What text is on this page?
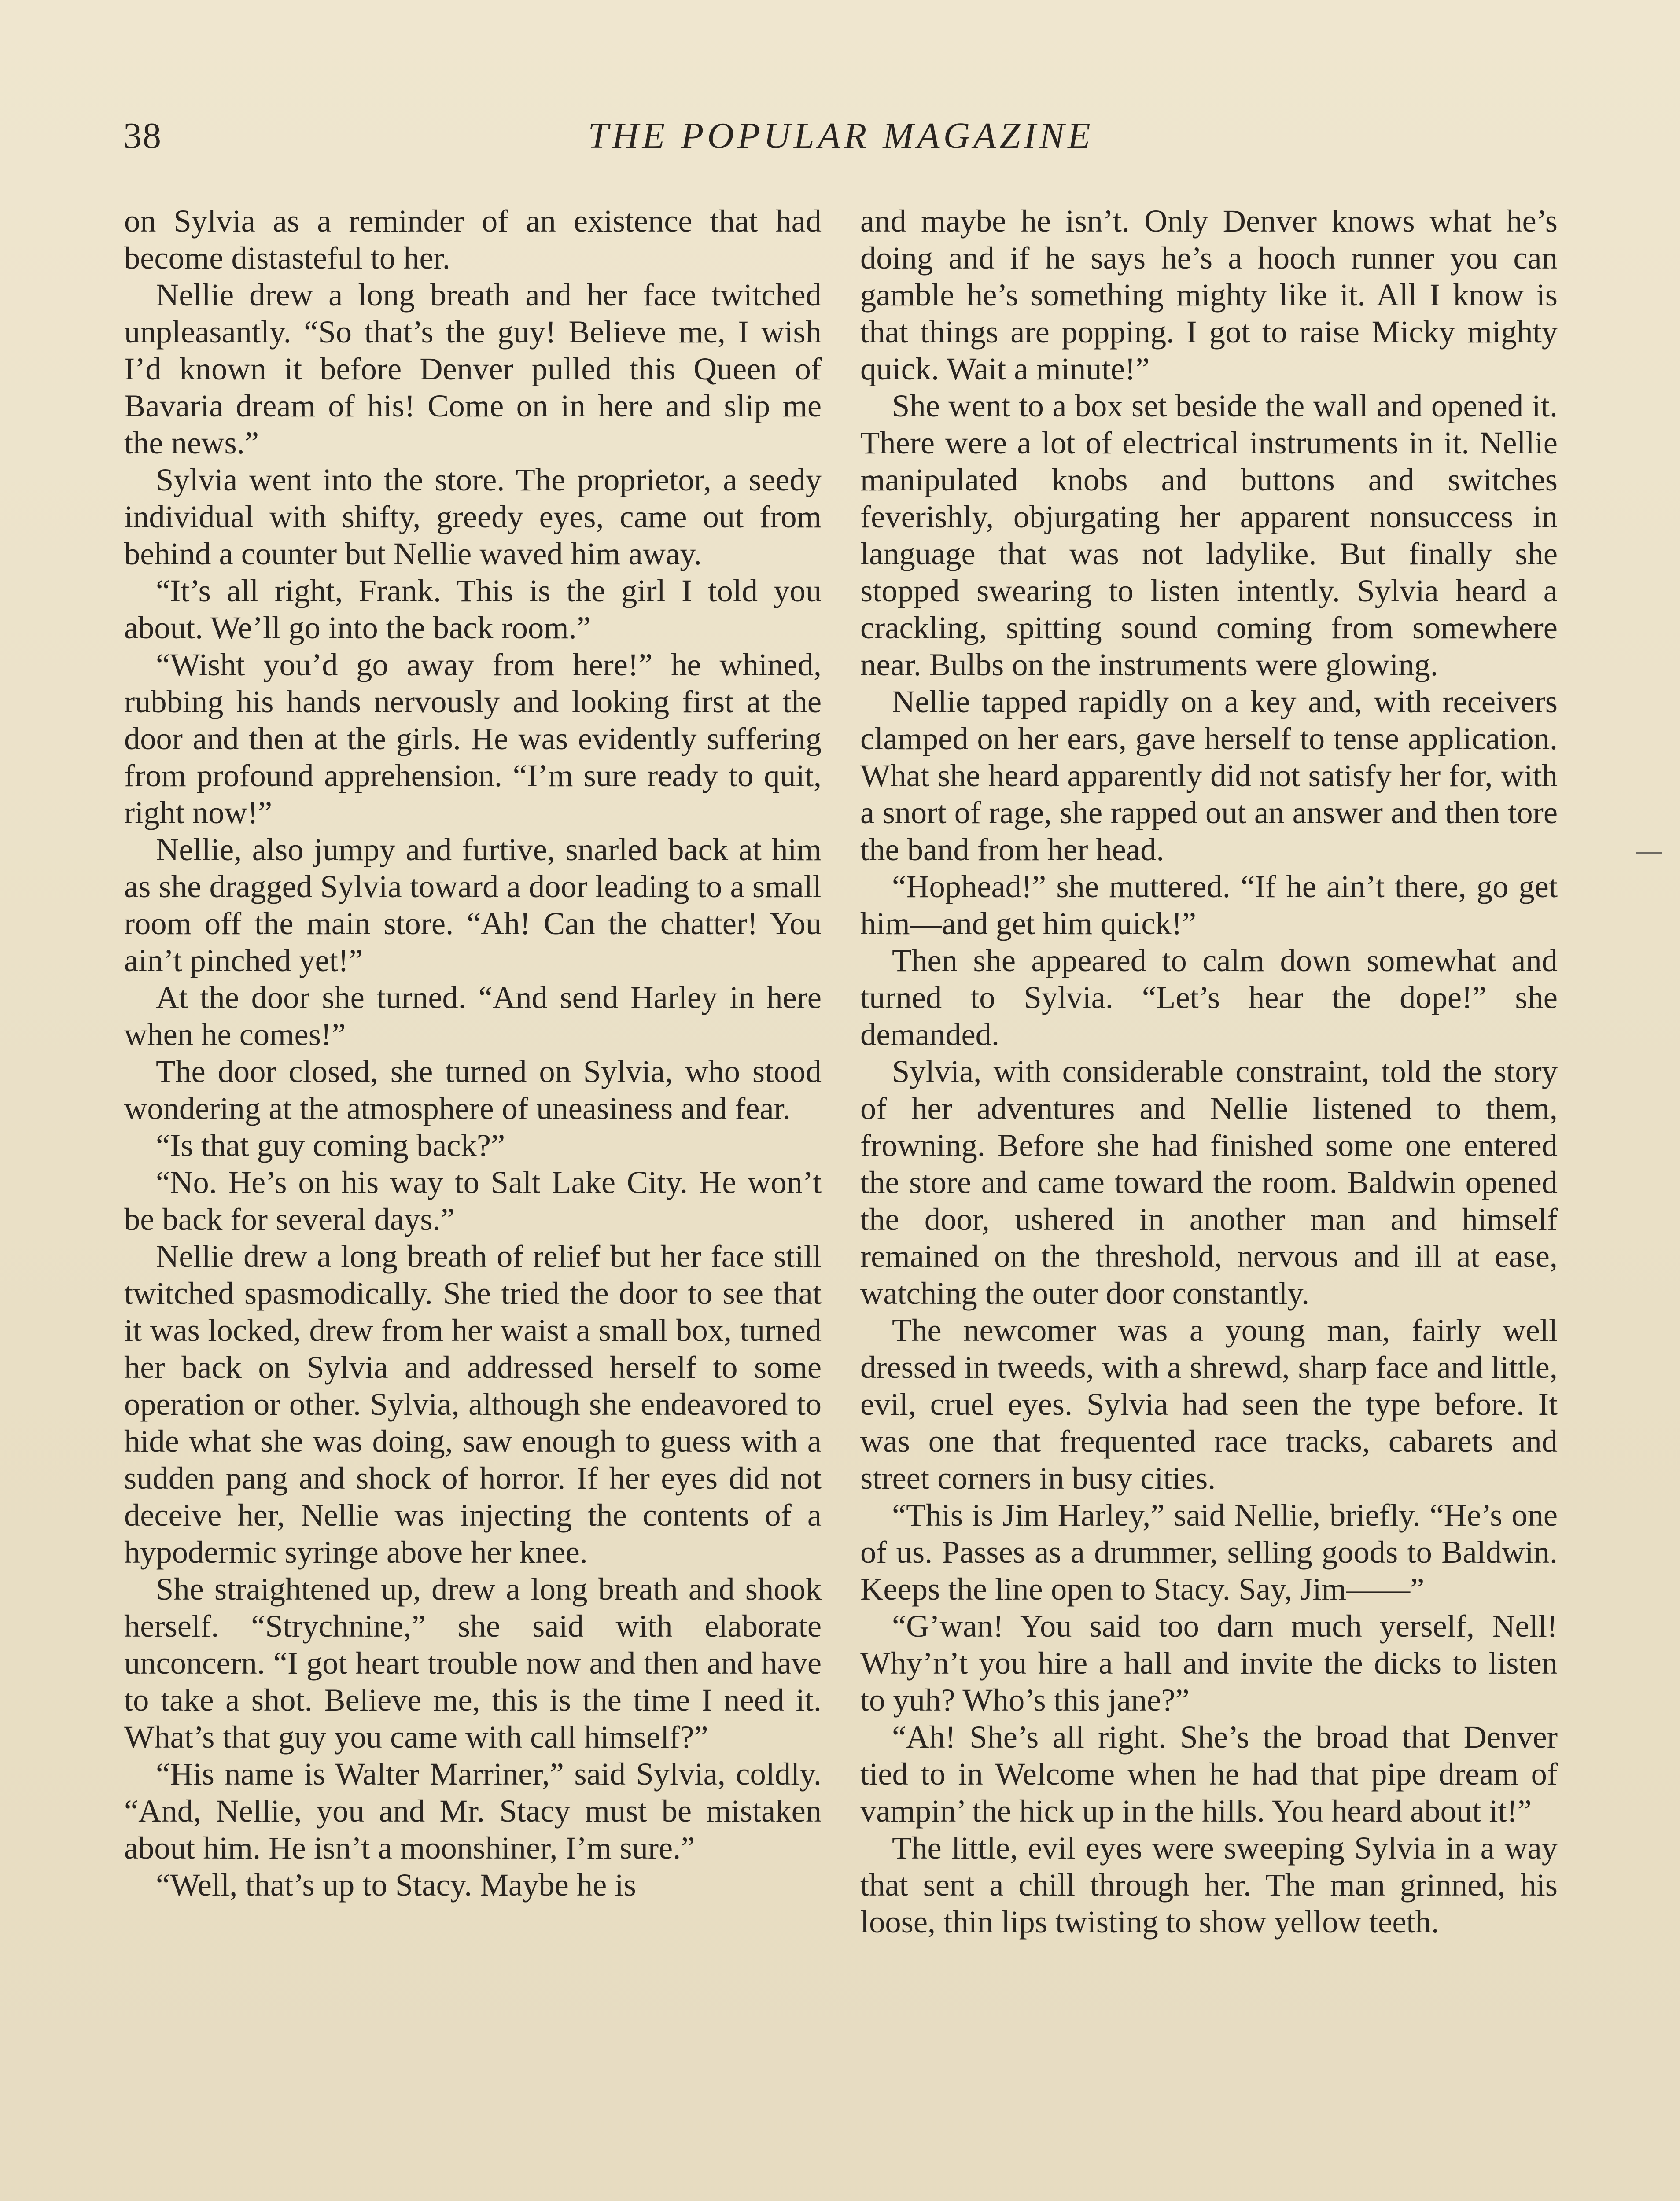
38	THE POPULAR MAGAZINE

on Sylvia as a reminder of an existence that had become distasteful to her.

Nellie drew a long breath and her face twitched unpleasantly. “So that’s the guy! Believe me, I wish I’d known it before Denver pulled this Queen of Bavaria dream of his! Come on in here and slip me the news.”

Sylvia went into the store. The proprietor, a seedy individual with shifty, greedy eyes, came out from behind a counter but Nellie waved him away.

“It’s all right, Frank. This is the girl I told you about. We’ll go into the back room.”

“Wisht you’d go away from here!” he whined, rubbing his hands nervously and looking first at the door and then at the girls. He was evidently suffering from profound apprehension. “I’m sure ready to quit, right now!”

Nellie, also jumpy and furtive, snarled back at him as she dragged Sylvia toward a door leading to a small room off the main store. “Ah! Can the chatter! You ain’t pinched yet!”

At the door she turned. “And send Harley in here when he comes!”

The door closed, she turned on Sylvia, who stood wondering at the atmosphere of uneasiness and fear.

“Is that guy coming back?”

“No. He’s on his way to Salt Lake City. He won’t be back for several days.”

Nellie drew a long breath of relief but her face still twitched spasmodically. She tried the door to see that it was locked, drew from her waist a small box, turned her back on Sylvia and addressed herself to some operation or other. Sylvia, although she endeavored to hide what she was doing, saw enough to guess with a sudden pang and shock of horror. If her eyes did not deceive her, Nellie was injecting the contents of a hypodermic syringe above her knee.

She straightened up, drew a long breath and shook herself. “Strychnine,” she said with elaborate unconcern. “I got heart trouble now and then and have to take a shot. Believe me, this is the time I need it. What’s that guy you came with call himself?”

“His name is Walter Marriner,” said Sylvia, coldly. “And, Nellie, you and Mr. Stacy must be mistaken about him. He isn’t a moonshiner, I’m sure.”

“Well, that’s up to Stacy. Maybe he is

and maybe he isn’t. Only Denver knows what he’s doing and if he says he’s a hooch runner you can gamble he’s something mighty like it. All I know is that things are popping. I got to raise Micky mighty quick. Wait a minute!”

She went to a box set beside the wall and opened it. There were a lot of electrical instruments in it. Nellie manipulated knobs and buttons and switches feverishly, objurgating her apparent nonsuccess in language that was not ladylike. But finally she stopped swearing to listen intently. Sylvia heard a crackling, spitting sound coming from somewhere near. Bulbs on the instruments were glowing.

Nellie tapped rapidly on a key and, with receivers clamped on her ears, gave herself to tense application. What she heard apparently did not satisfy her for, with a snort of rage, she rapped out an answer and then tore the band from her head.

“Hophead!” she muttered. “If he ain’t there, go get him—and get him quick!”

Then she appeared to calm down somewhat and turned to Sylvia. “Let’s hear the dope!” she demanded.

Sylvia, with considerable constraint, told the story of her adventures and Nellie listened to them, frowning. Before she had finished some one entered the store and came toward the room. Baldwin opened the door, ushered in another man and himself remained on the threshold, nervous and ill at ease, watching the outer door constantly.

The newcomer was a young man, fairly well dressed in tweeds, with a shrewd, sharp face and little, evil, cruel eyes. Sylvia had seen the type before. It was one that frequented race tracks, cabarets and street corners in busy cities.

“This is Jim Harley,” said Nellie, briefly. “He’s one of us. Passes as a drummer, selling goods to Baldwin. Keeps the line open to Stacy. Say, Jim——”

“G’wan! You said too darn much yerself, Nell! Why’n’t you hire a hall and invite the dicks to listen to yuh? Who’s this jane?”

“Ah! She’s all right. She’s the broad that Denver tied to in Welcome when he had that pipe dream of vampin’ the hick up in the hills. You heard about it!”

The little, evil eyes were sweeping Sylvia in a way that sent a chill through her. The man grinned, his loose, thin lips twisting to show yellow teeth.
